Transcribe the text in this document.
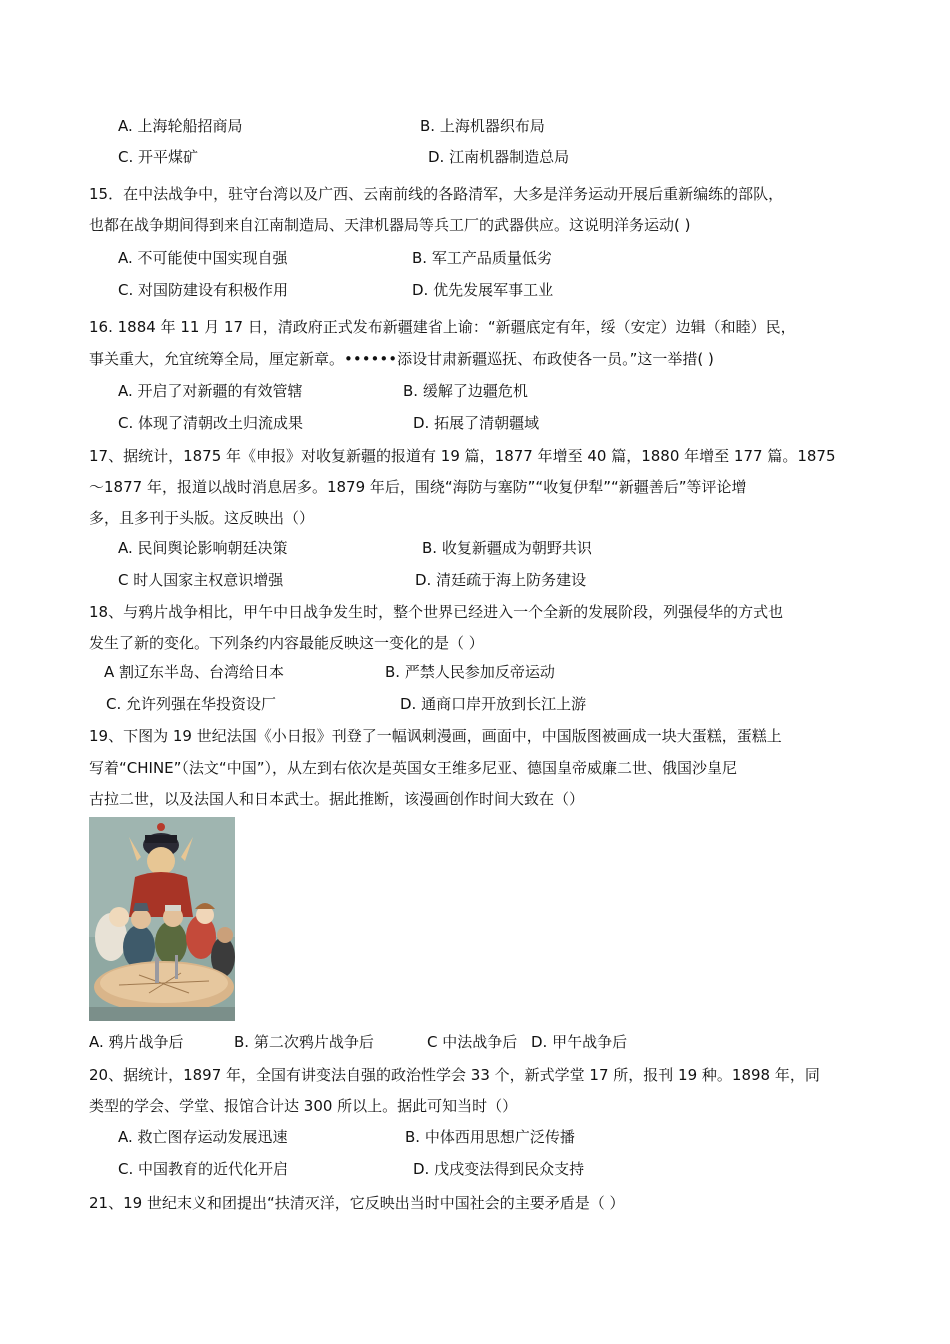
A. 上海轮船招商局	B. 上海机器织布局
C. 开平煤矿	D. 江南机器制造总局
15．在中法战争中，驻守台湾以及广西、云南前线的各路清军，大多是洋务运动开展后重新编练的部队，
也都在战争期间得到来自江南制造局、天津机器局等兵工厂的武器供应。这说明洋务运动( )
A. 不可能使中国实现自强	B. 军工产品质量低劣
C. 对国防建设有积极作用	D. 优先发展军事工业
16. 1884 年 11 月 17 日，清政府正式发布新疆建省上谕：“新疆底定有年，绥（安定）边辑（和睦）民，
事关重大，允宜统筹全局，厘定新章。••••••添设甘肃新疆巡抚、布政使各一员。”这一举措( )
A. 开启了对新疆的有效管辖	B. 缓解了边疆危机
C. 体现了清朝改土归流成果	D. 拓展了清朝疆域
17、据统计，1875 年《申报》对收复新疆的报道有 19 篇，1877 年增至 40 篇，1880 年增至 177 篇。1875
～1877 年，报道以战时消息居多。1879 年后，围绕“海防与塞防”“收复伊犁”“新疆善后”等评论增
多，且多刊于头版。这反映出（）
A. 民间舆论影响朝廷决策	B. 收复新疆成为朝野共识
C 时人国家主权意识增强	D. 清廷疏于海上防务建设
18、与鸦片战争相比，甲午中日战争发生时，整个世界已经进入一个全新的发展阶段，列强侵华的方式也
发生了新的变化。下列条约内容最能反映这一变化的是（ ）
A 割辽东半岛、台湾给日本	B. 严禁人民参加反帝运动
C. 允许列强在华投资设厂	D. 通商口岸开放到长江上游
19、下图为 19 世纪法国《小日报》刊登了一幅讽刺漫画，画面中，中国版图被画成一块大蛋糕，蛋糕上
写着“CHINE”（法文“中国”），从左到右依次是英国女王维多尼亚、德国皇帝威廉二世、俄国沙皇尼
古拉二世，以及法国人和日本武士。据此推断，该漫画创作时间大致在（）
A. 鸦片战争后	B. 第二次鸦片战争后	C 中法战争后 D. 甲午战争后
20、据统计，1897 年，全国有讲变法自强的政治性学会 33 个，新式学堂 17 所，报刊 19 种。1898 年，同
类型的学会、学堂、报馆合计达 300 所以上。据此可知当时（）
A. 救亡图存运动发展迅速	B. 中体西用思想广泛传播
C. 中国教育的近代化开启	D. 戊戌变法得到民众支持
21、19 世纪末义和团提出“扶清灭洋，它反映出当时中国社会的主要矛盾是（ ）
